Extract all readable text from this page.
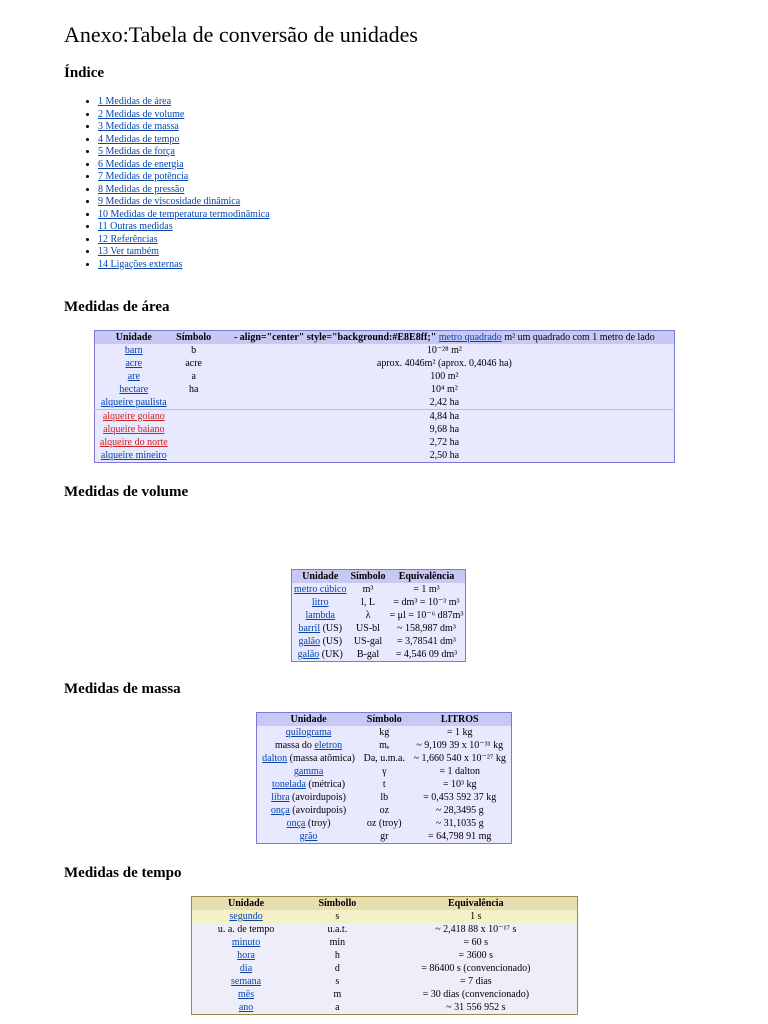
Anexo:Tabela de conversão de unidades
Índice
• 1 Medidas de área
• 2 Medidas de volume
• 3 Medidas de massa
• 4 Medidas de tempo
• 5 Medidas de força
• 6 Medidas de energia
• 7 Medidas de potência
• 8 Medidas de pressão
• 9 Medidas de viscosidade dinâmica
• 10 Medidas de temperatura termodinâmica
• 11 Outras medidas
• 12 Referências
• 13 Ver também
• 14 Ligações externas
Medidas de área
Unidade	Símbolo	- align="center" style="background:#E8E8ff;" metro quadrado m² um quadrado com 1 metro de lado
barn	b	10⁻²⁸ m²
acre	acre	aprox. 4046m² (aprox. 0,4046 ha)
are	a	100 m²
hectare	ha	10⁴ m²
alqueire paulista		2,42 ha
alqueire goiano		4,84 ha
alqueire baiano		9,68 ha
alqueire do norte		2,72 ha
alqueire mineiro		2,50 ha
Medidas de volume
Unidade	Símbolo	Equivalência
metro cúbico	m³	= 1 m³
litro	l, L	= dm³ = 10⁻³ m³
lambda	λ	= μl = 10⁻⁶ d87m³
barril (US)	US-bl	~ 158,987 dm³
galão (US)	US-gal	= 3,78541 dm³
galão (UK)	B-gal	= 4,546 09 dm³
Medidas de massa
Unidade	Símbolo	LITROS
quilograma	kg	= 1 kg
massa do eletron	mₑ	~ 9,109 39 x 10⁻³¹ kg
dalton (massa atômica)	Da, u.m.a.	~ 1,660 540 x 10⁻²⁷ kg
gamma	γ	= 1 dalton
tonelada (métrica)	t	= 10³ kg
libra (avoirdupois)	lb	= 0,453 592 37 kg
onça (avoirdupois)	oz	~ 28,3495 g
onça (troy)	oz (troy)	~ 31,1035 g
grão	gr	= 64,798 91 mg
Medidas de tempo
Unidade	Símbollo	Equivalência
segundo	s	1 s
u. a. de tempo	u.a.t.	~ 2,418 88 x 10⁻¹⁷ s
minuto	min	= 60 s
hora	h	= 3600 s
dia	d	= 86400 s (convencionado)
semana	s	= 7 dias
mês	m	= 30 dias (convencionado)
ano	a	~ 31 556 952 s
